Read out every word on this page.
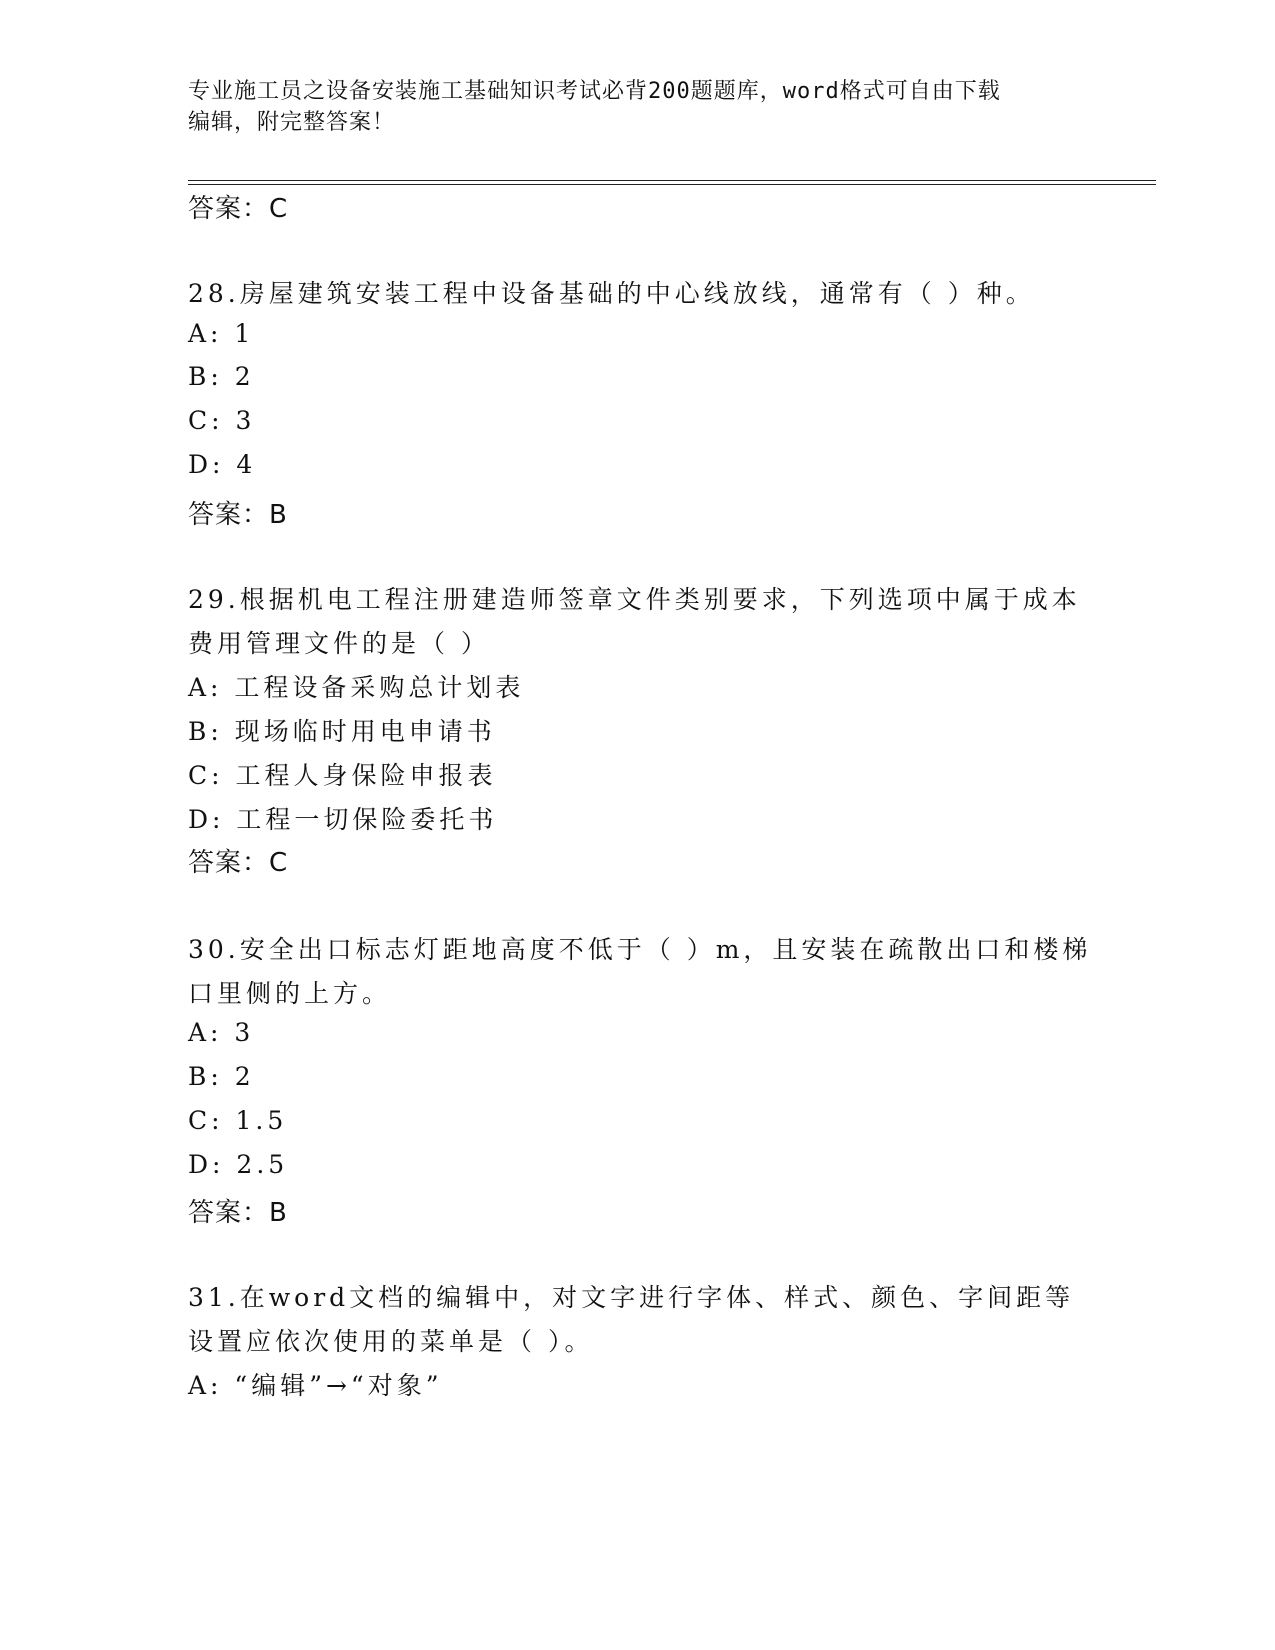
专业施工员之设备安装施工基础知识考试必背200题题库，word格式可自由下载
编辑，附完整答案！
答案：C
28.房屋建筑安装工程中设备基础的中心线放线，通常有（ ）种。
A: 1
B: 2
C: 3
D: 4
答案：B
29.根据机电工程注册建造师签章文件类别要求，下列选项中属于成本
费用管理文件的是（ ）
A: 工程设备采购总计划表
B: 现场临时用电申请书
C: 工程人身保险申报表
D: 工程一切保险委托书
答案：C
30.安全出口标志灯距地高度不低于（ ）m，且安装在疏散出口和楼梯
口里侧的上方。
A: 3
B: 2
C: 1.5
D: 2.5
答案：B
31.在word文档的编辑中，对文字进行字体、样式、颜色、字间距等
设置应依次使用的菜单是（ ）。
A: “编辑”→“对象”
